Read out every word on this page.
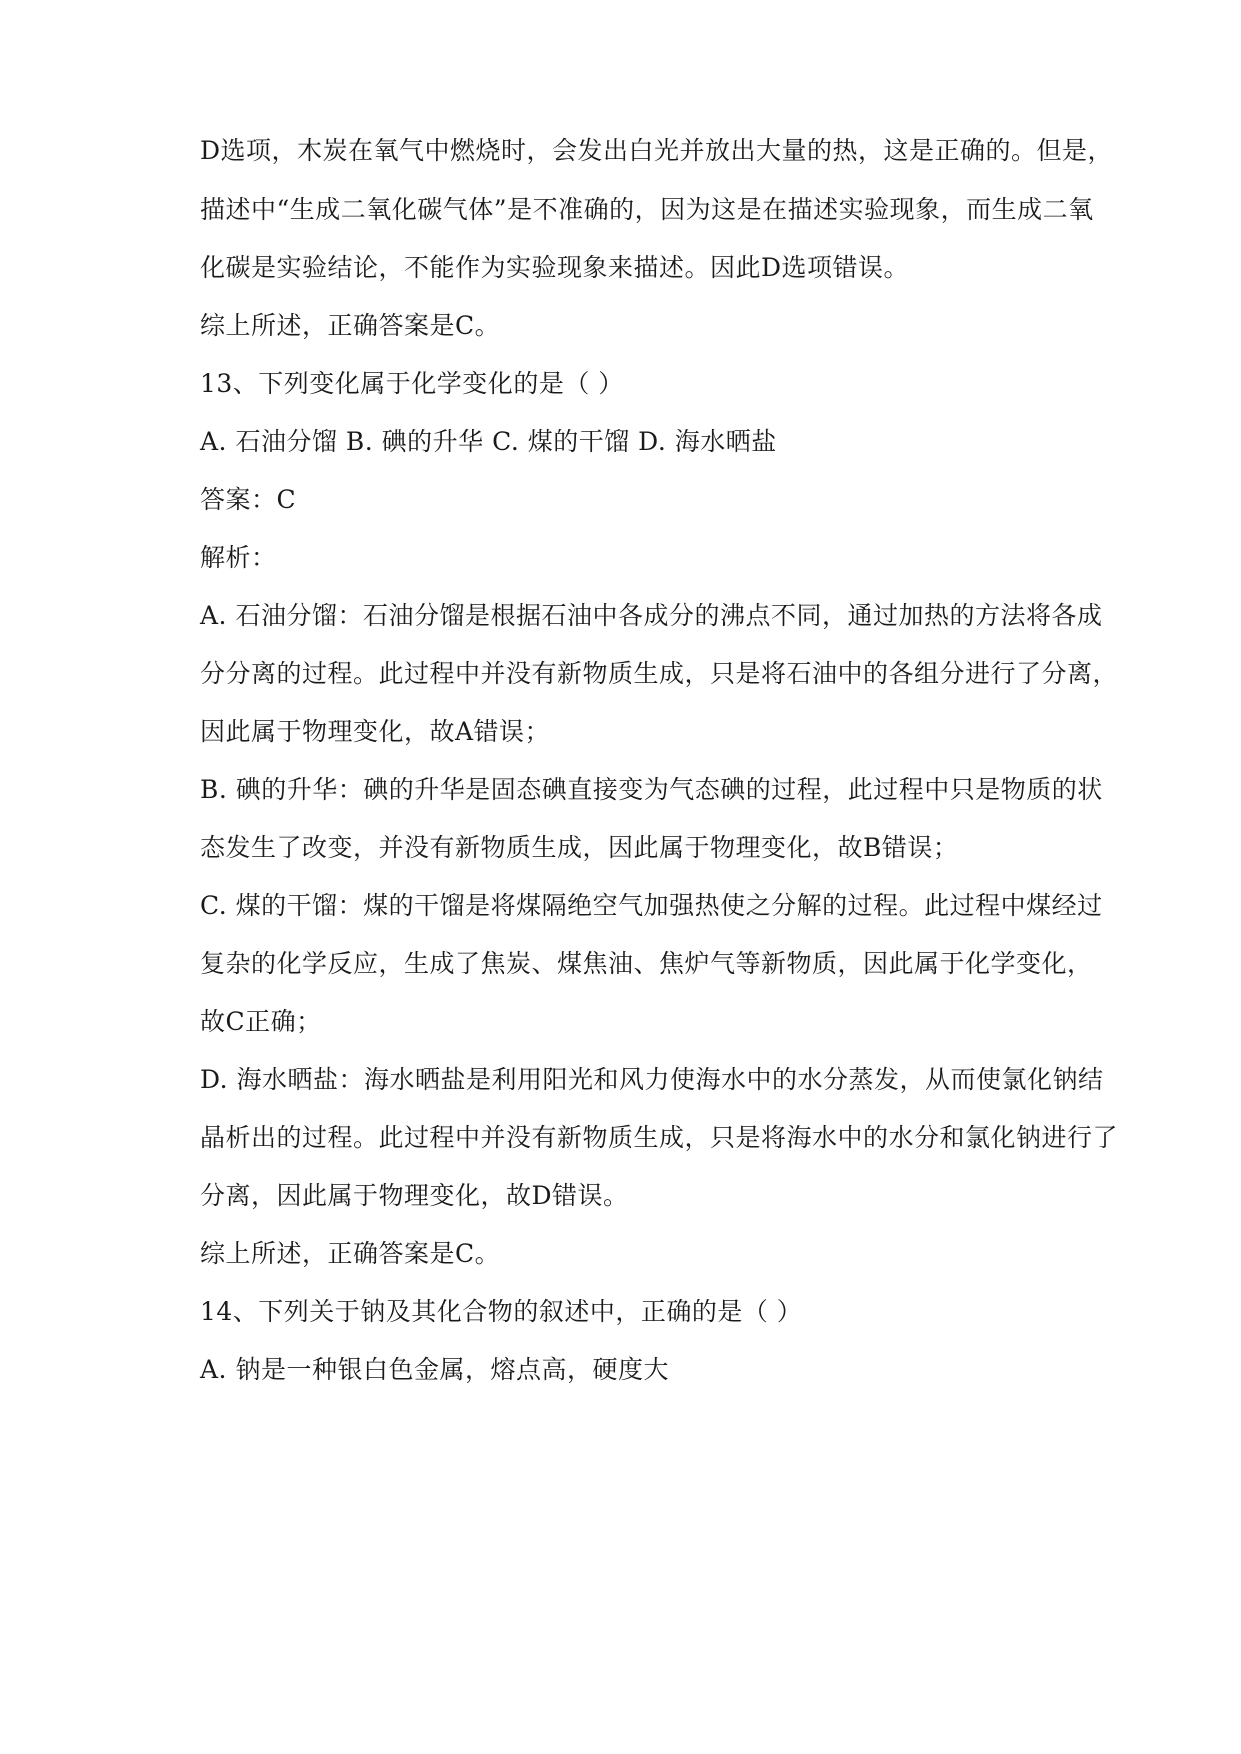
D选项，木炭在氧气中燃烧时，会发出白光并放出大量的热，这是正确的。但是，
描述中“生成二氧化碳气体”是不准确的，因为这是在描述实验现象，而生成二氧
化碳是实验结论，不能作为实验现象来描述。因此D选项错误。
综上所述，正确答案是C。
13、下列变化属于化学变化的是（ ）
A. 石油分馏 B. 碘的升华 C. 煤的干馏 D. 海水晒盐
答案：C
解析：
A. 石油分馏：石油分馏是根据石油中各成分的沸点不同，通过加热的方法将各成
分分离的过程。此过程中并没有新物质生成，只是将石油中的各组分进行了分离，
因此属于物理变化，故A错误；
B. 碘的升华：碘的升华是固态碘直接变为气态碘的过程，此过程中只是物质的状
态发生了改变，并没有新物质生成，因此属于物理变化，故B错误；
C. 煤的干馏：煤的干馏是将煤隔绝空气加强热使之分解的过程。此过程中煤经过
复杂的化学反应，生成了焦炭、煤焦油、焦炉气等新物质，因此属于化学变化，
故C正确；
D. 海水晒盐：海水晒盐是利用阳光和风力使海水中的水分蒸发，从而使氯化钠结
晶析出的过程。此过程中并没有新物质生成，只是将海水中的水分和氯化钠进行了
分离，因此属于物理变化，故D错误。
综上所述，正确答案是C。
14、下列关于钠及其化合物的叙述中，正确的是（ ）
A. 钠是一种银白色金属，熔点高，硬度大
